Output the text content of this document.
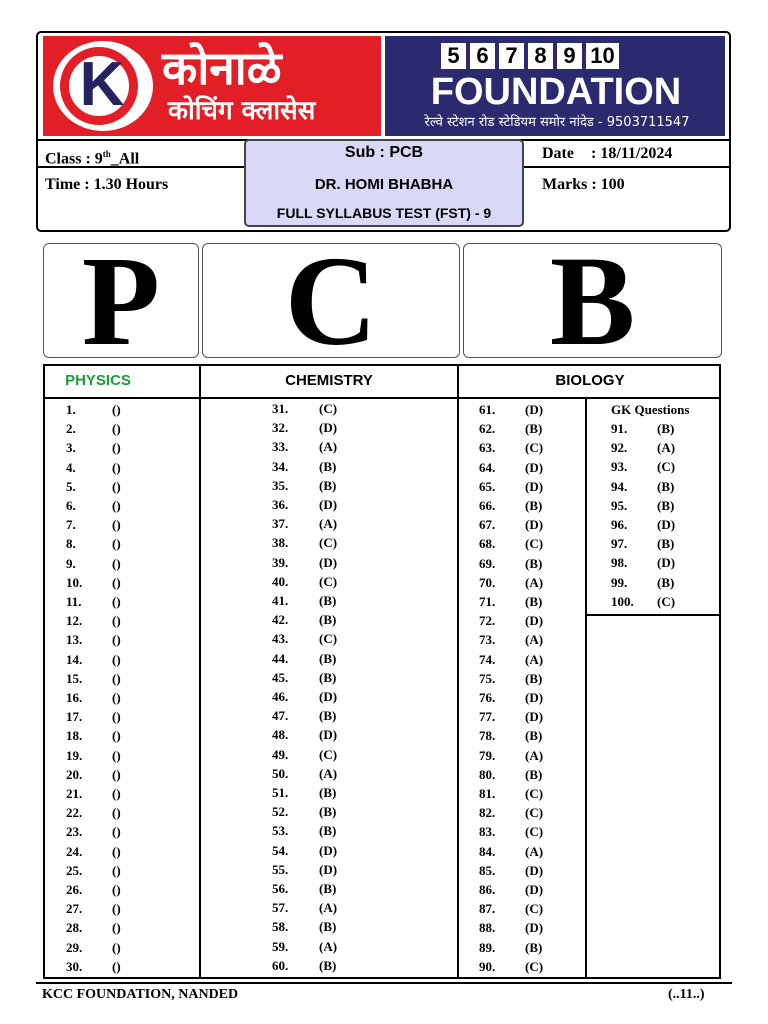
K कोनाळे
कोचिंग क्लासेस
5 6 7 8 9 10
FOUNDATION
रेल्वे स्टेशन रोड स्टेडियम समोर नांदेड - 9503711547
Class : 9th_All
Time : 1.30 Hours
Date : 18/11/2024
Marks : 100
Sub : PCB
DR. HOMI BHABHA
FULL SYLLABUS TEST (FST) - 9
P C	B
PHYSICS	CHEMISTRY	BIOLOGY
GK Questions
1.	()
2.	()
3.	()
4.	()
5.	()
6.	()
7.	()
8.	()
9.	()
10. ()
11. ()
12. ()
13. ()
14. ()
15. ()
16. ()
17. ()
18. ()
19. ()
20. ()
21. ()
22. ()
23. ()
24. ()
25. ()
26. ()
27. ()
28. ()
29. ()
30. ()
31. (C)
32. (D)
33. (A)
34. (B)
35. (B)
36. (D)
37. (A)
38. (C)
39. (D)
40. (C)
41. (B)
42. (B)
43. (C)
44. (B)
45. (B)
46. (D)
47. (B)
48. (D)
49. (C)
50. (A)
51. (B)
52. (B)
53. (B)
54. (D)
55. (D)
56. (B)
57. (A)
58. (B)
59. (A)
60. (B)
61. (D)
62. (B)
63. (C)
64. (D)
65. (D)
66. (B)
67. (D)
68. (C)
69. (B)
70. (A)
71. (B)
72. (D)
73. (A)
74. (A)
75. (B)
76. (D)
77. (D)
78. (B)
79. (A)
80. (B)
81. (C)
82. (C)
83. (C)
84. (A)
85. (D)
86. (D)
87. (C)
88. (D)
89. (B)
90. (C)
91. (B)
92. (A)
93. (C)
94. (B)
95. (B)
96. (D)
97. (B)
98. (D)
99. (B)
100. (C)
KCC FOUNDATION, NANDED	(..11..)
